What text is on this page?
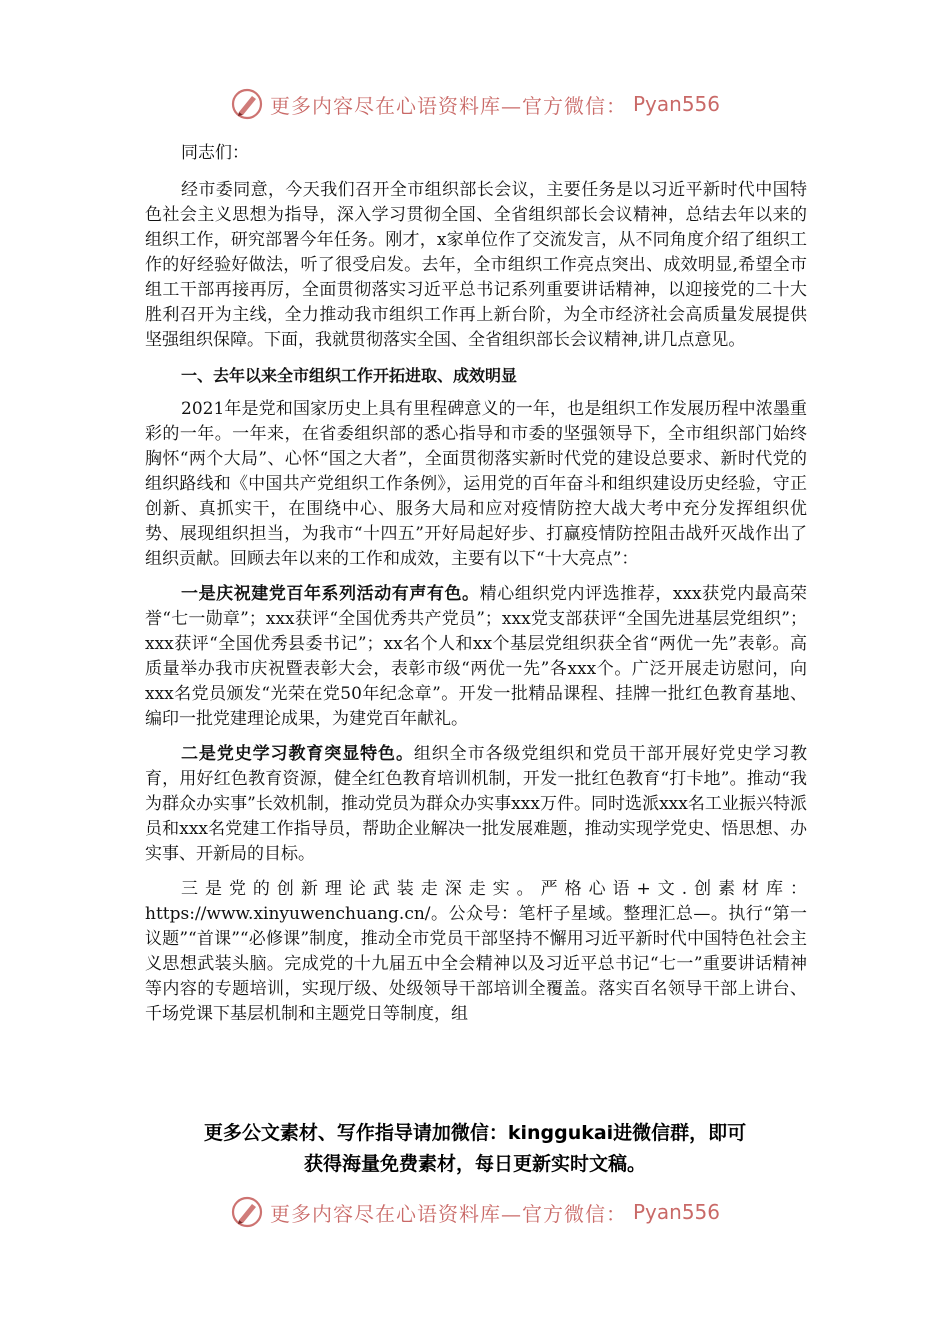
更多内容尽在心语资料库—官方微信： Pyan556

同志们：

经市委同意，今天我们召开全市组织部长会议，主要任务是以习近平新时代中国特色社会主义思想为指导，深入学习贯彻全国、全省组织部长会议精神，总结去年以来的组织工作，研究部署今年任务。刚才，x家单位作了交流发言，从不同角度介绍了组织工作的好经验好做法，听了很受启发。去年，全市组织工作亮点突出、成效明显,希望全市组工干部再接再厉，全面贯彻落实习近平总书记系列重要讲话精神，以迎接党的二十大胜利召开为主线，全力推动我市组织工作再上新台阶，为全市经济社会高质量发展提供坚强组织保障。下面，我就贯彻落实全国、全省组织部长会议精神,讲几点意见。

一、去年以来全市组织工作开拓进取、成效明显

2021年是党和国家历史上具有里程碑意义的一年，也是组织工作发展历程中浓墨重彩的一年。一年来，在省委组织部的悉心指导和市委的坚强领导下，全市组织部门始终胸怀“两个大局”、心怀“国之大者”，全面贯彻落实新时代党的建设总要求、新时代党的组织路线和《中国共产党组织工作条例》，运用党的百年奋斗和组织建设历史经验，守正创新、真抓实干，在围绕中心、服务大局和应对疫情防控大战大考中充分发挥组织优势、展现组织担当，为我市“十四五”开好局起好步、打赢疫情防控阻击战歼灭战作出了组织贡献。回顾去年以来的工作和成效，主要有以下“十大亮点”：

一是庆祝建党百年系列活动有声有色。精心组织党内评选推荐，xxx获党内最高荣誉“七一勋章”；xxx获评“全国优秀共产党员”；xxx党支部获评“全国先进基层党组织”；xxx获评“全国优秀县委书记”；xx名个人和xx个基层党组织获全省“两优一先”表彰。高质量举办我市庆祝暨表彰大会，表彰市级“两优一先”各xxx个。广泛开展走访慰问，向xxx名党员颁发“光荣在党50年纪念章”。开发一批精品课程、挂牌一批红色教育基地、编印一批党建理论成果，为建党百年献礼。

二是党史学习教育突显特色。组织全市各级党组织和党员干部开展好党史学习教育，用好红色教育资源，健全红色教育培训机制，开发一批红色教育“打卡地”。推动“我为群众办实事”长效机制，推动党员为群众办实事xxx万件。同时选派xxx名工业振兴特派员和xxx名党建工作指导员，帮助企业解决一批发展难题，推动实现学党史、悟思想、办实事、开新局的目标。

三是党的创新理论武装走深走实。严格心语+文.创素材库：https://www.xinyuwenchuang.cn/。公众号：笔杆子星域。整理汇总—。执行“第一议题”“首课”“必修课”制度，推动全市党员干部坚持不懈用习近平新时代中国特色社会主义思想武装头脑。完成党的十九届五中全会精神以及习近平总书记“七一”重要讲话精神等内容的专题培训，实现厅级、处级领导干部培训全覆盖。落实百名领导干部上讲台、千场党课下基层机制和主题党日等制度，组

更多公文素材、写作指导请加微信：kinggukai进微信群，即可
获得海量免费素材，每日更新实时文稿。
更多内容尽在心语资料库—官方微信： Pyan556
